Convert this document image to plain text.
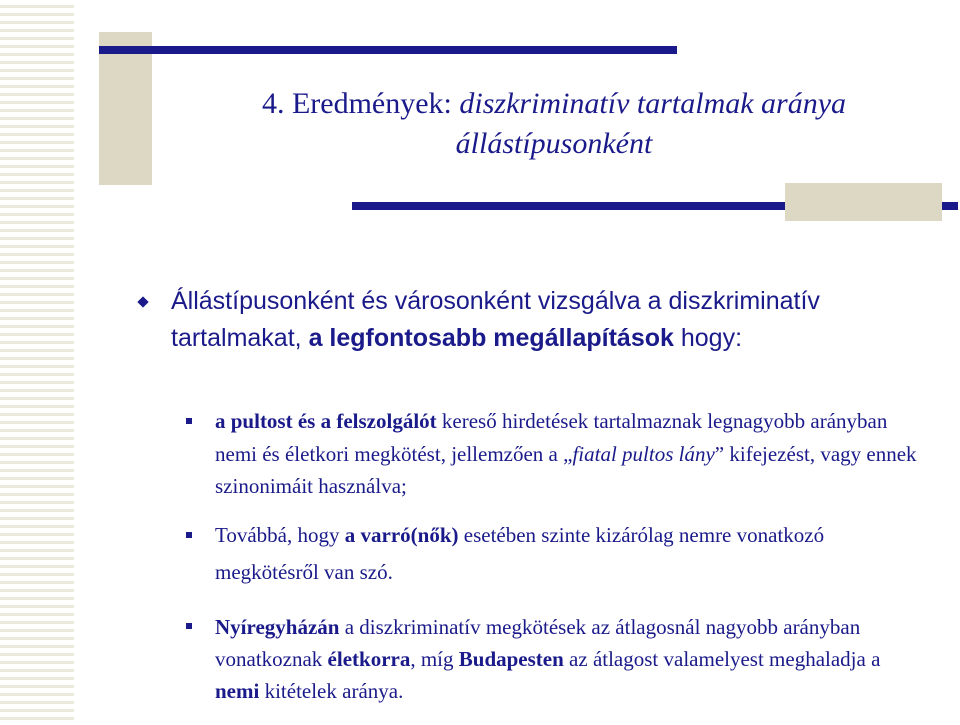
4. Eredmények: diszkriminatív tartalmak aránya
állástípusonként
Állástípusonként és városonként vizsgálva a diszkriminatív tartalmakat, a legfontosabb megállapítások hogy:
a pultost és a felszolgálót kereső hirdetések tartalmaznak legnagyobb arányban nemi és életkori megkötést, jellemzően a „fiatal pultos lány” kifejezést, vagy ennek szinonimáit használva;
Továbbá, hogy a varró(nők) esetében szinte kizárólag nemre vonatkozó megkötésről van szó.
Nyíregyházán a diszkriminatív megkötések az átlagosnál nagyobb arányban vonatkoznak életkorra, míg Budapesten az átlagost valamelyest meghaladja a nemi kitételek aránya.
